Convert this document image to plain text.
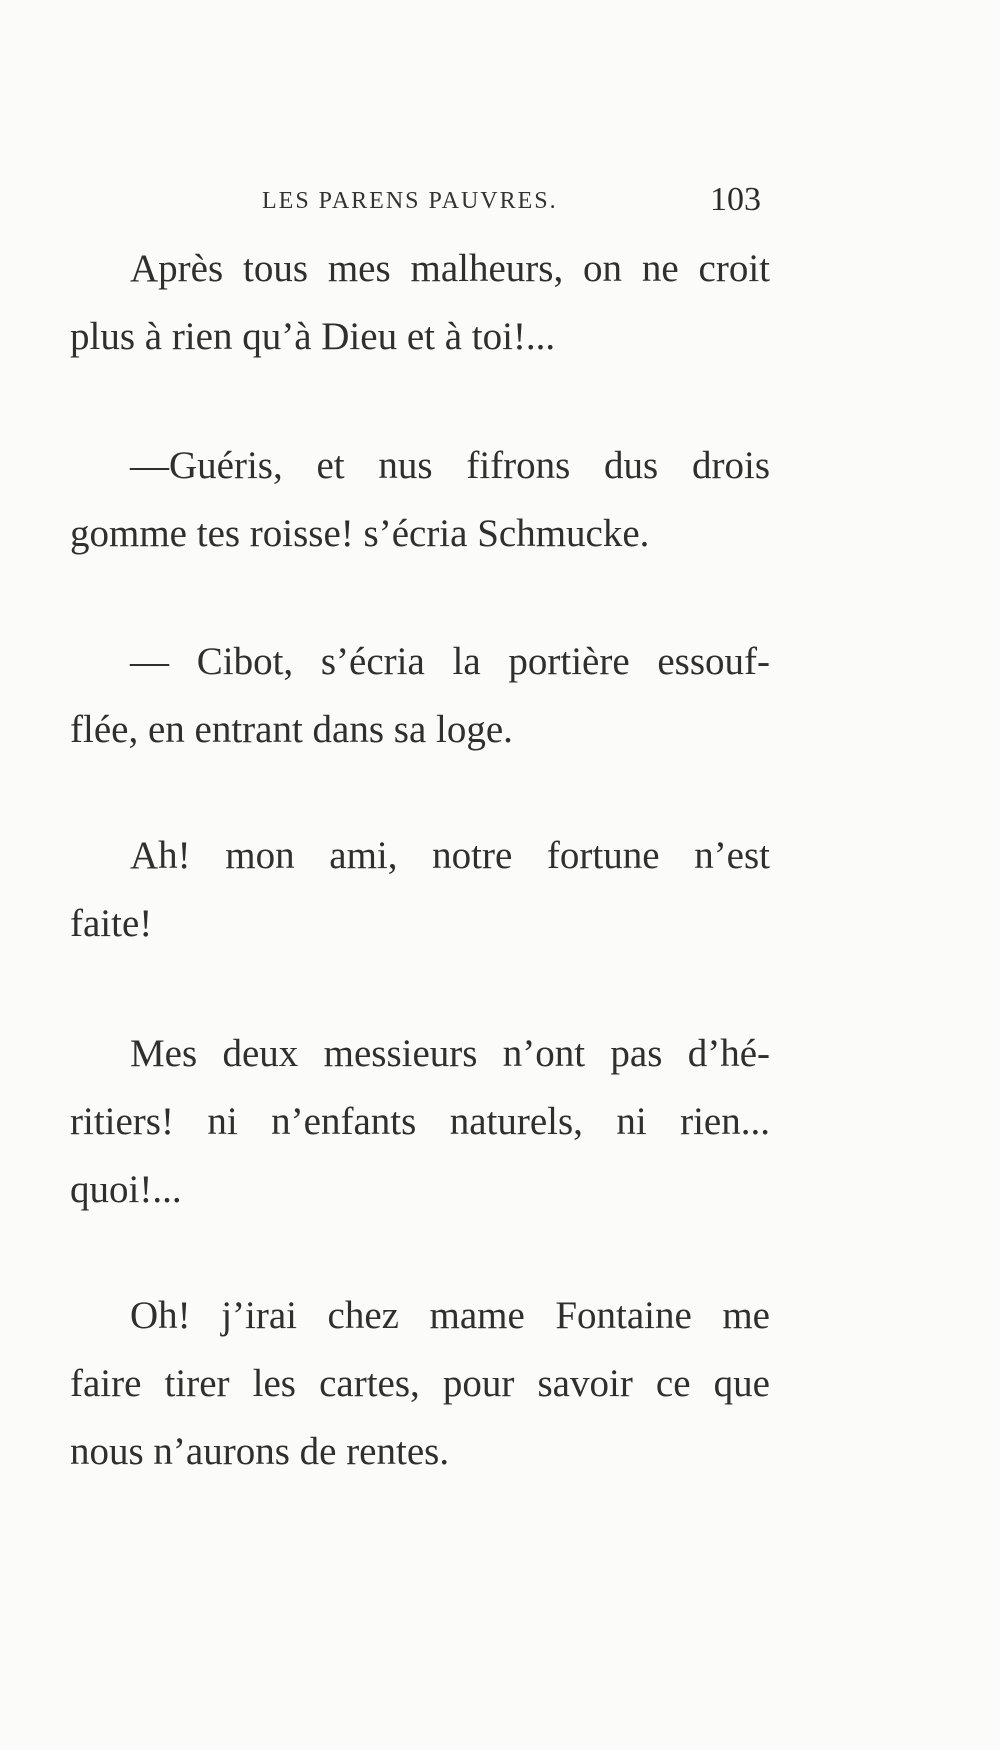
LES PARENS PAUVRES.	103

Après tous mes malheurs, on ne croit
plus à rien qu’à Dieu et à toi!...

—Guéris, et nus fifrons dus drois
gomme tes roisse! s’écria Schmucke.

— Cibot, s’écria la portière essouf-
flée, en entrant dans sa loge.

Ah! mon ami, notre fortune n’est
faite!

Mes deux messieurs n’ont pas d’hé-
ritiers! ni n’enfants naturels, ni rien...
quoi!...

Oh! j’irai chez mame Fontaine me
faire tirer les cartes, pour savoir ce que
nous n’aurons de rentes.
